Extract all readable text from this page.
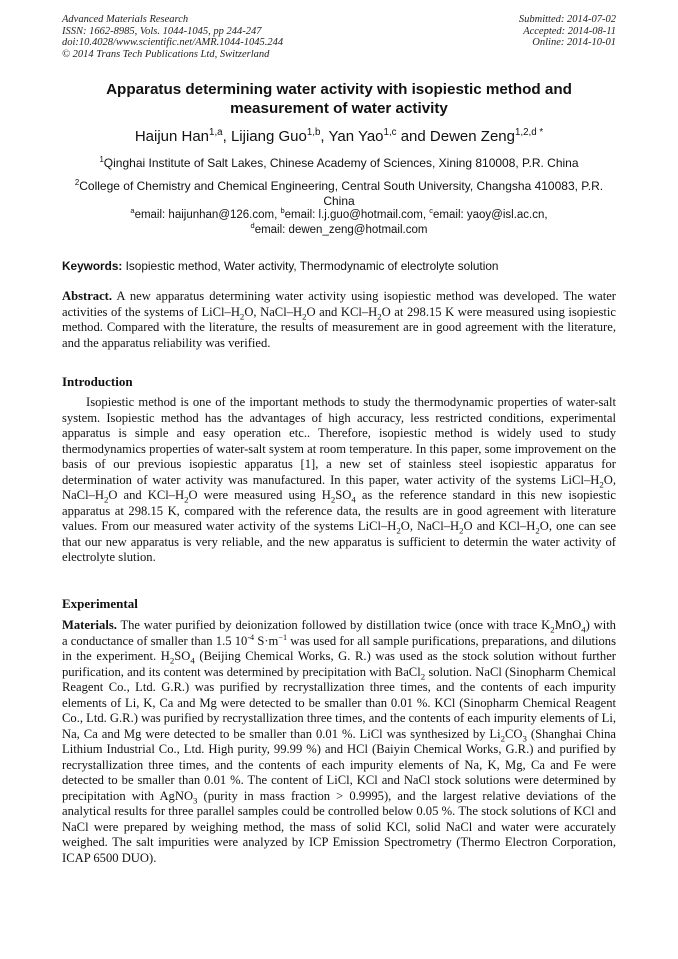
Advanced Materials Research
ISSN: 1662-8985, Vols. 1044-1045, pp 244-247
doi:10.4028/www.scientific.net/AMR.1044-1045.244
© 2014 Trans Tech Publications Ltd, Switzerland
Submitted: 2014-07-02
Accepted: 2014-08-11
Online: 2014-10-01
Apparatus determining water activity with isopiestic method and
measurement of water activity
Haijun Han$^{1,a}$, Lijiang Guo$^{1,b}$, Yan Yao$^{1,c}$ and Dewen Zeng$^{1,2,d *}$
$^1$Qinghai Institute of Salt Lakes, Chinese Academy of Sciences, Xining 810008, P.R. China
$^2$College of Chemistry and Chemical Engineering, Central South University, Changsha 410083, P.R. China
$^a$email: haijunhan@126.com, $^b$email: l.j.guo@hotmail.com, $^c$email: yaoy@isl.ac.cn,
$^d$email: dewen_zeng@hotmail.com
Keywords: Isopiestic method, Water activity, Thermodynamic of electrolyte solution
Abstract. A new apparatus determining water activity using isopiestic method was developed. The water activities of the systems of LiCl–$H_2O$, NaCl–$H_2O$ and KCl–$H_2O$ at 298.15 K were measured using isopiestic method. Compared with the literature, the results of measurement are in good agreement with the literature, and the apparatus reliability was verified.
Introduction
Isopiestic method is one of the important methods to study the thermodynamic properties of water-salt system. Isopiestic method has the advantages of high accuracy, less restricted conditions, experimental apparatus is simple and easy operation etc.. Therefore, isopiestic method is widely used to study thermodynamics properties of water-salt system at room temperature. In this paper, some improvement on the basis of our previous isopiestic apparatus [1], a new set of stainless steel isopiestic apparatus for determination of water activity was manufactured. In this paper, water activity of the systems LiCl–$H_2O$, NaCl–$H_2O$ and KCl–$H_2O$ were measured using $H_2SO_4$ as the reference standard in this new isopiestic apparatus at 298.15 K, compared with the reference data, the results are in good agreement with literature values. From our measured water activity of the systems LiCl–$H_2O$, NaCl–$H_2O$ and KCl–$H_2O$, one can see that our new apparatus is very reliable, and the new apparatus is sufficient to determin the water activity of electrolyte slution.
Experimental
Materials. The water purified by deionization followed by distillation twice (once with trace $K_2MnO_4$) with a conductance of smaller than 1.5 $10^{-4}$ $S\cdot m^{-1}$ was used for all sample purifications, preparations, and dilutions in the experiment. $H_2SO_4$ (Beijing Chemical Works, G. R.) was used as the stock solution without further purification, and its content was determined by precipitation with BaCl$_2$ solution. NaCl (Sinopharm Chemical Reagent Co., Ltd. G.R.) was purified by recrystallization three times, and the contents of each impurity elements of Li, K, Ca and Mg were detected to be smaller than 0.01 %. KCl (Sinopharm Chemical Reagent Co., Ltd. G.R.) was purified by recrystallization three times, and the contents of each impurity elements of Li, Na, Ca and Mg were detected to be smaller than 0.01 %. LiCl was synthesized by $Li_2CO_3$ (Shanghai China Lithium Industrial Co., Ltd. High purity, 99.99 %) and HCl (Baiyin Chemical Works, G.R.) and purified by recrystallization three times, and the contents of each impurity elements of Na, K, Mg, Ca and Fe were detected to be smaller than 0.01 %. The content of LiCl, KCl and NaCl stock solutions were determined by precipitation with AgNO$_3$ (purity in mass fraction > 0.9995), and the largest relative deviations of the analytical results for three parallel samples could be controlled below 0.05 %. The stock solutions of KCl and NaCl were prepared by weighing method, the mass of solid KCl, solid NaCl and water were accurately weighed. The salt impurities were analyzed by ICP Emission Spectrometry (Thermo Electron Corporation, ICAP 6500 DUO).
